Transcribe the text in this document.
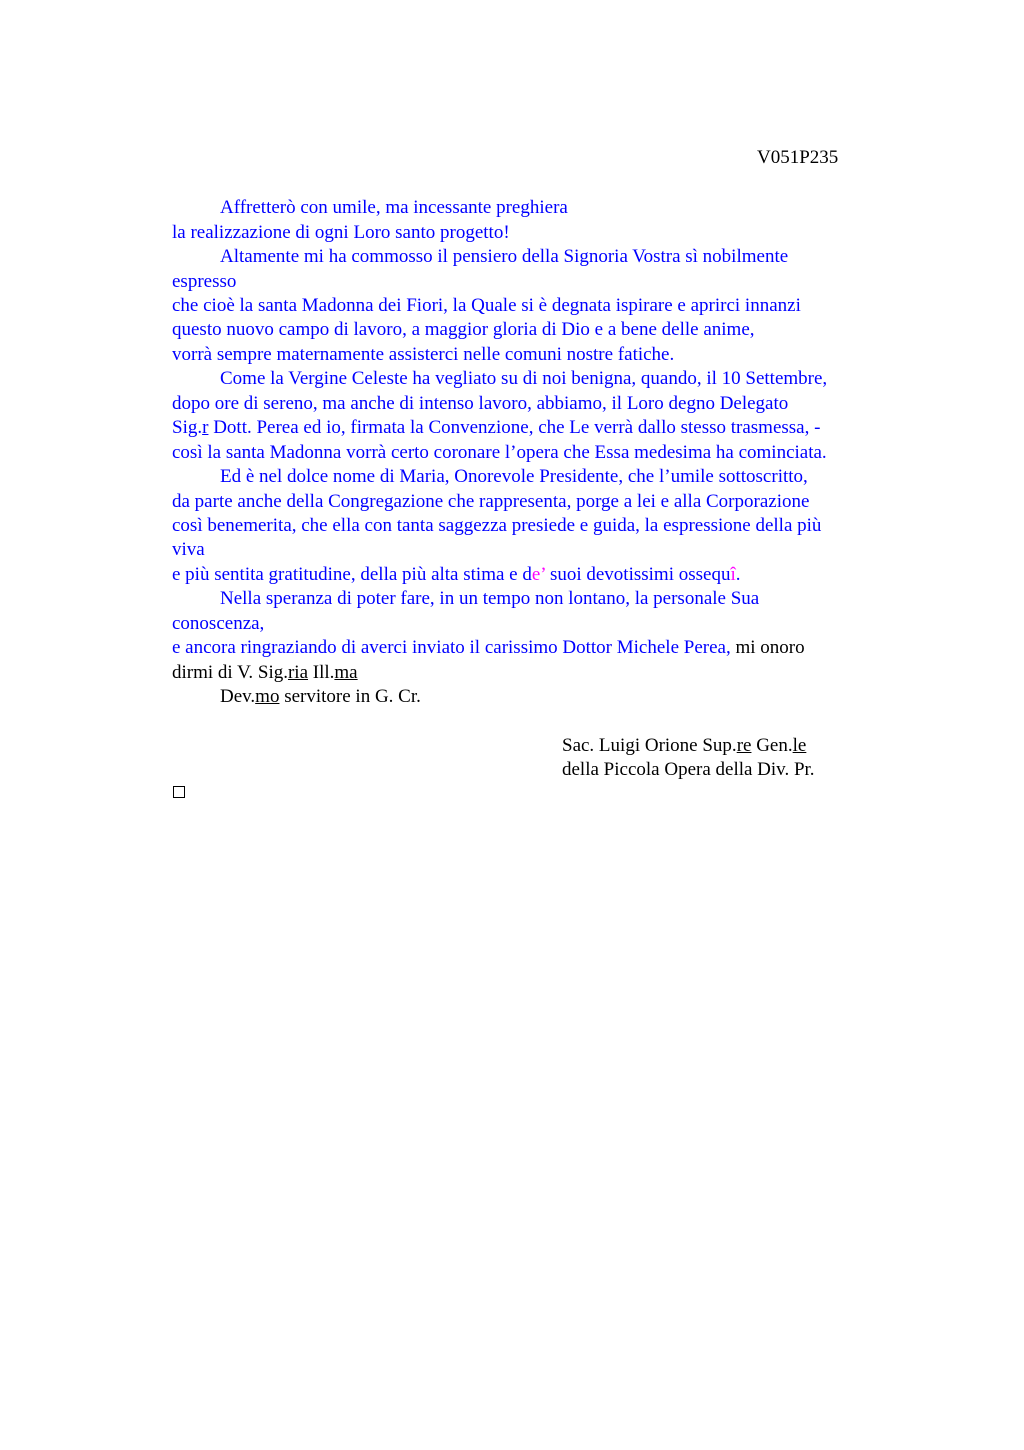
V051P235
Affretterò con umile, ma incessante preghiera
la realizzazione di ogni Loro santo progetto!
Altamente mi ha commosso il pensiero della Signoria Vostra sì nobilmente
espresso
che cioè la santa Madonna dei Fiori, la Quale si è degnata ispirare e aprirci innanzi
questo nuovo campo di lavoro, a maggior gloria di Dio e a bene delle anime,
vorrà sempre maternamente assisterci nelle comuni nostre fatiche.
Come la Vergine Celeste ha vegliato su di noi benigna, quando, il 10 Settembre,
dopo ore di sereno, ma anche di intenso lavoro, abbiamo, il Loro degno Delegato
Sig.r Dott. Perea ed io, firmata la Convenzione, che Le verrà dallo stesso trasmessa, -
così la santa Madonna vorrà certo coronare l’opera che Essa medesima ha cominciata.
Ed è nel dolce nome di Maria, Onorevole Presidente, che l’umile sottoscritto,
da parte anche della Congregazione che rappresenta, porge a lei e alla Corporazione
così benemerita, che ella con tanta saggezza presiede e guida, la espressione della più
viva
e più sentita gratitudine, della più alta stima e de’ suoi devotissimi ossequî.
Nella speranza di poter fare, in un tempo non lontano, la personale Sua
conoscenza,
e ancora ringraziando di averci inviato il carissimo Dottor Michele Perea, mi onoro
dirmi di V. Sig.ria Ill.ma
Dev.mo servitore in G. Cr.
Sac. Luigi Orione Sup.re Gen.le
della Piccola Opera della Div. Pr.
